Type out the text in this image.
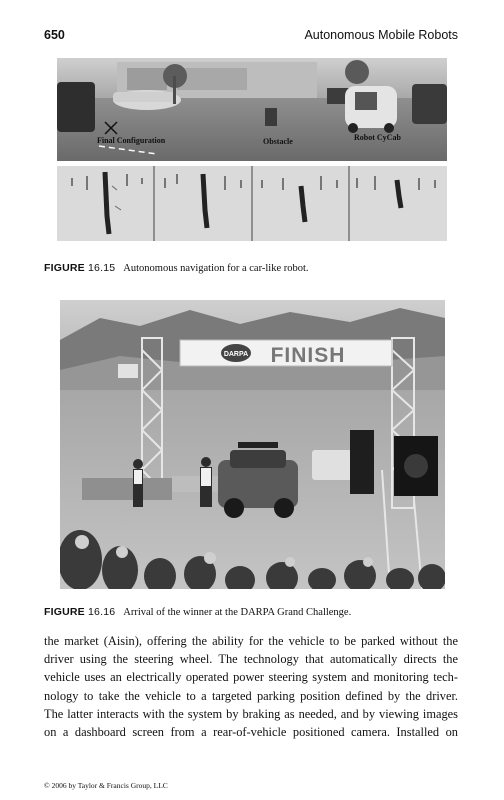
650	Autonomous Mobile Robots
Final Configuration	Obstacle	Robot CyCab
FIGURE 16.15 Autonomous navigation for a car-like robot.
DARPA FINISH
FIGURE 16.16 Arrival of the winner at the DARPA Grand Challenge.
the market (Aisin), offering the ability for the vehicle to be parked without the
driver using the steering wheel. The technology that automatically directs the
vehicle uses an electrically operated power steering system and monitoring tech-
nology to take the vehicle to a targeted parking position defined by the driver.
The latter interacts with the system by braking as needed, and by viewing images
on a dashboard screen from a rear-of-vehicle positioned camera. Installed on
© 2006 by Taylor & Francis Group, LLC
